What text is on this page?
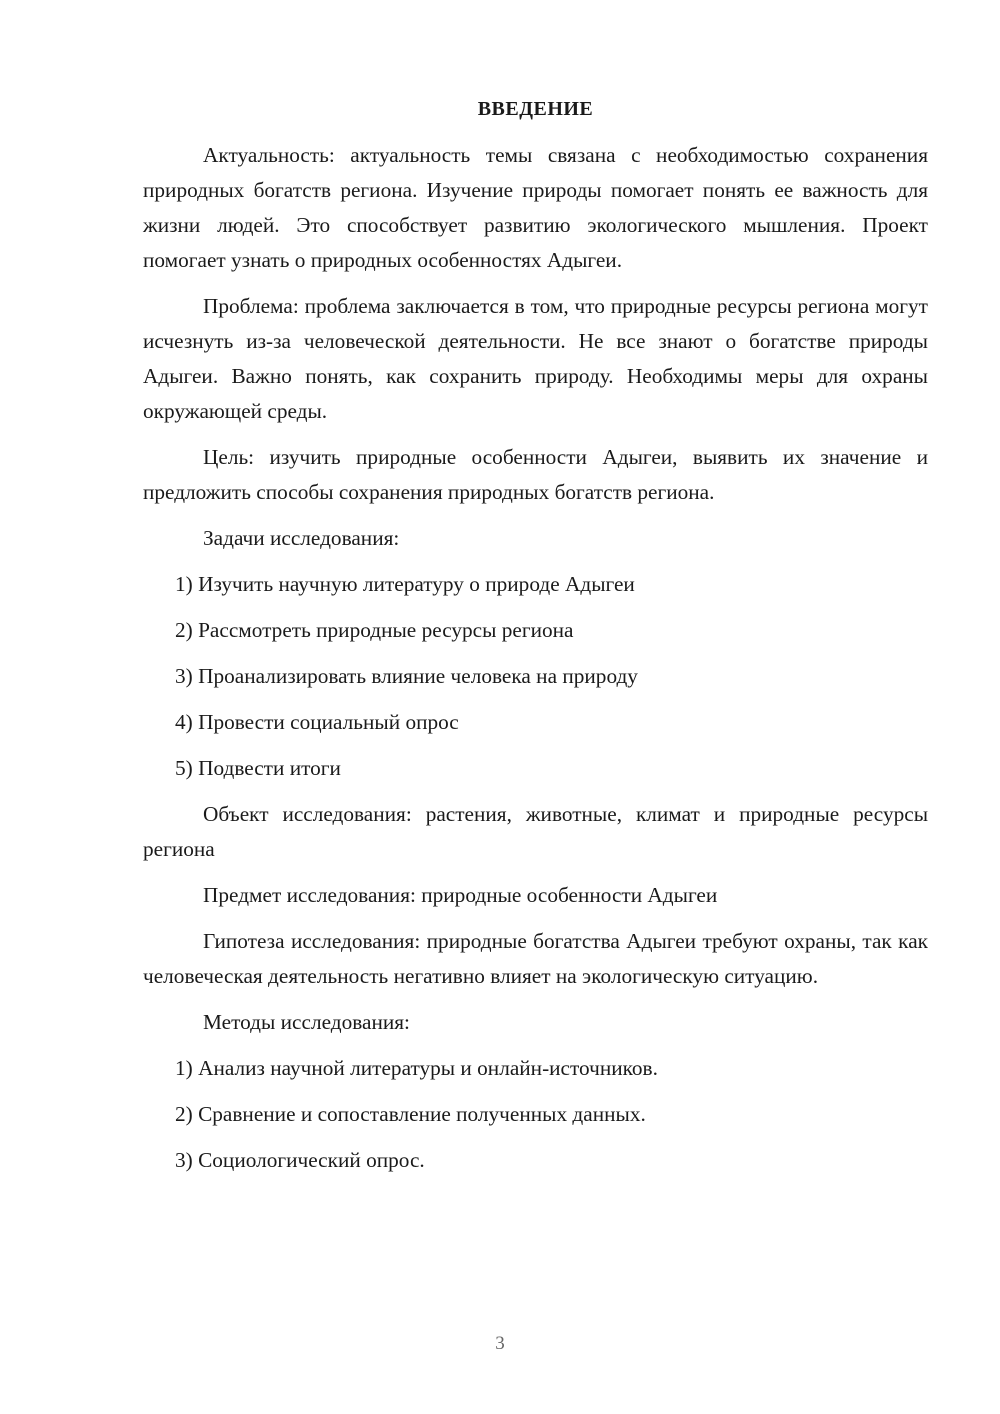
ВВЕДЕНИЕ

Актуальность: актуальность темы связана с необходимостью сохранения природных богатств региона. Изучение природы помогает понять ее важность для жизни людей. Это способствует развитию экологического мышления. Проект помогает узнать о природных особенностях Адыгеи.

Проблема: проблема заключается в том, что природные ресурсы региона могут исчезнуть из-за человеческой деятельности. Не все знают о богатстве природы Адыгеи. Важно понять, как сохранить природу. Необходимы меры для охраны окружающей среды.

Цель: изучить природные особенности Адыгеи, выявить их значение и предложить способы сохранения природных богатств региона.

Задачи исследования:
1) Изучить научную литературу о природе Адыгеи
2) Рассмотреть природные ресурсы региона
3) Проанализировать влияние человека на природу
4) Провести социальный опрос
5) Подвести итоги

Объект исследования: растения, животные, климат и природные ресурсы региона

Предмет исследования: природные особенности Адыгеи

Гипотеза исследования: природные богатства Адыгеи требуют охраны, так как человеческая деятельность негативно влияет на экологическую ситуацию.

Методы исследования:
1) Анализ научной литературы и онлайн-источников.
2) Сравнение и сопоставление полученных данных.
3) Социологический опрос.
3
